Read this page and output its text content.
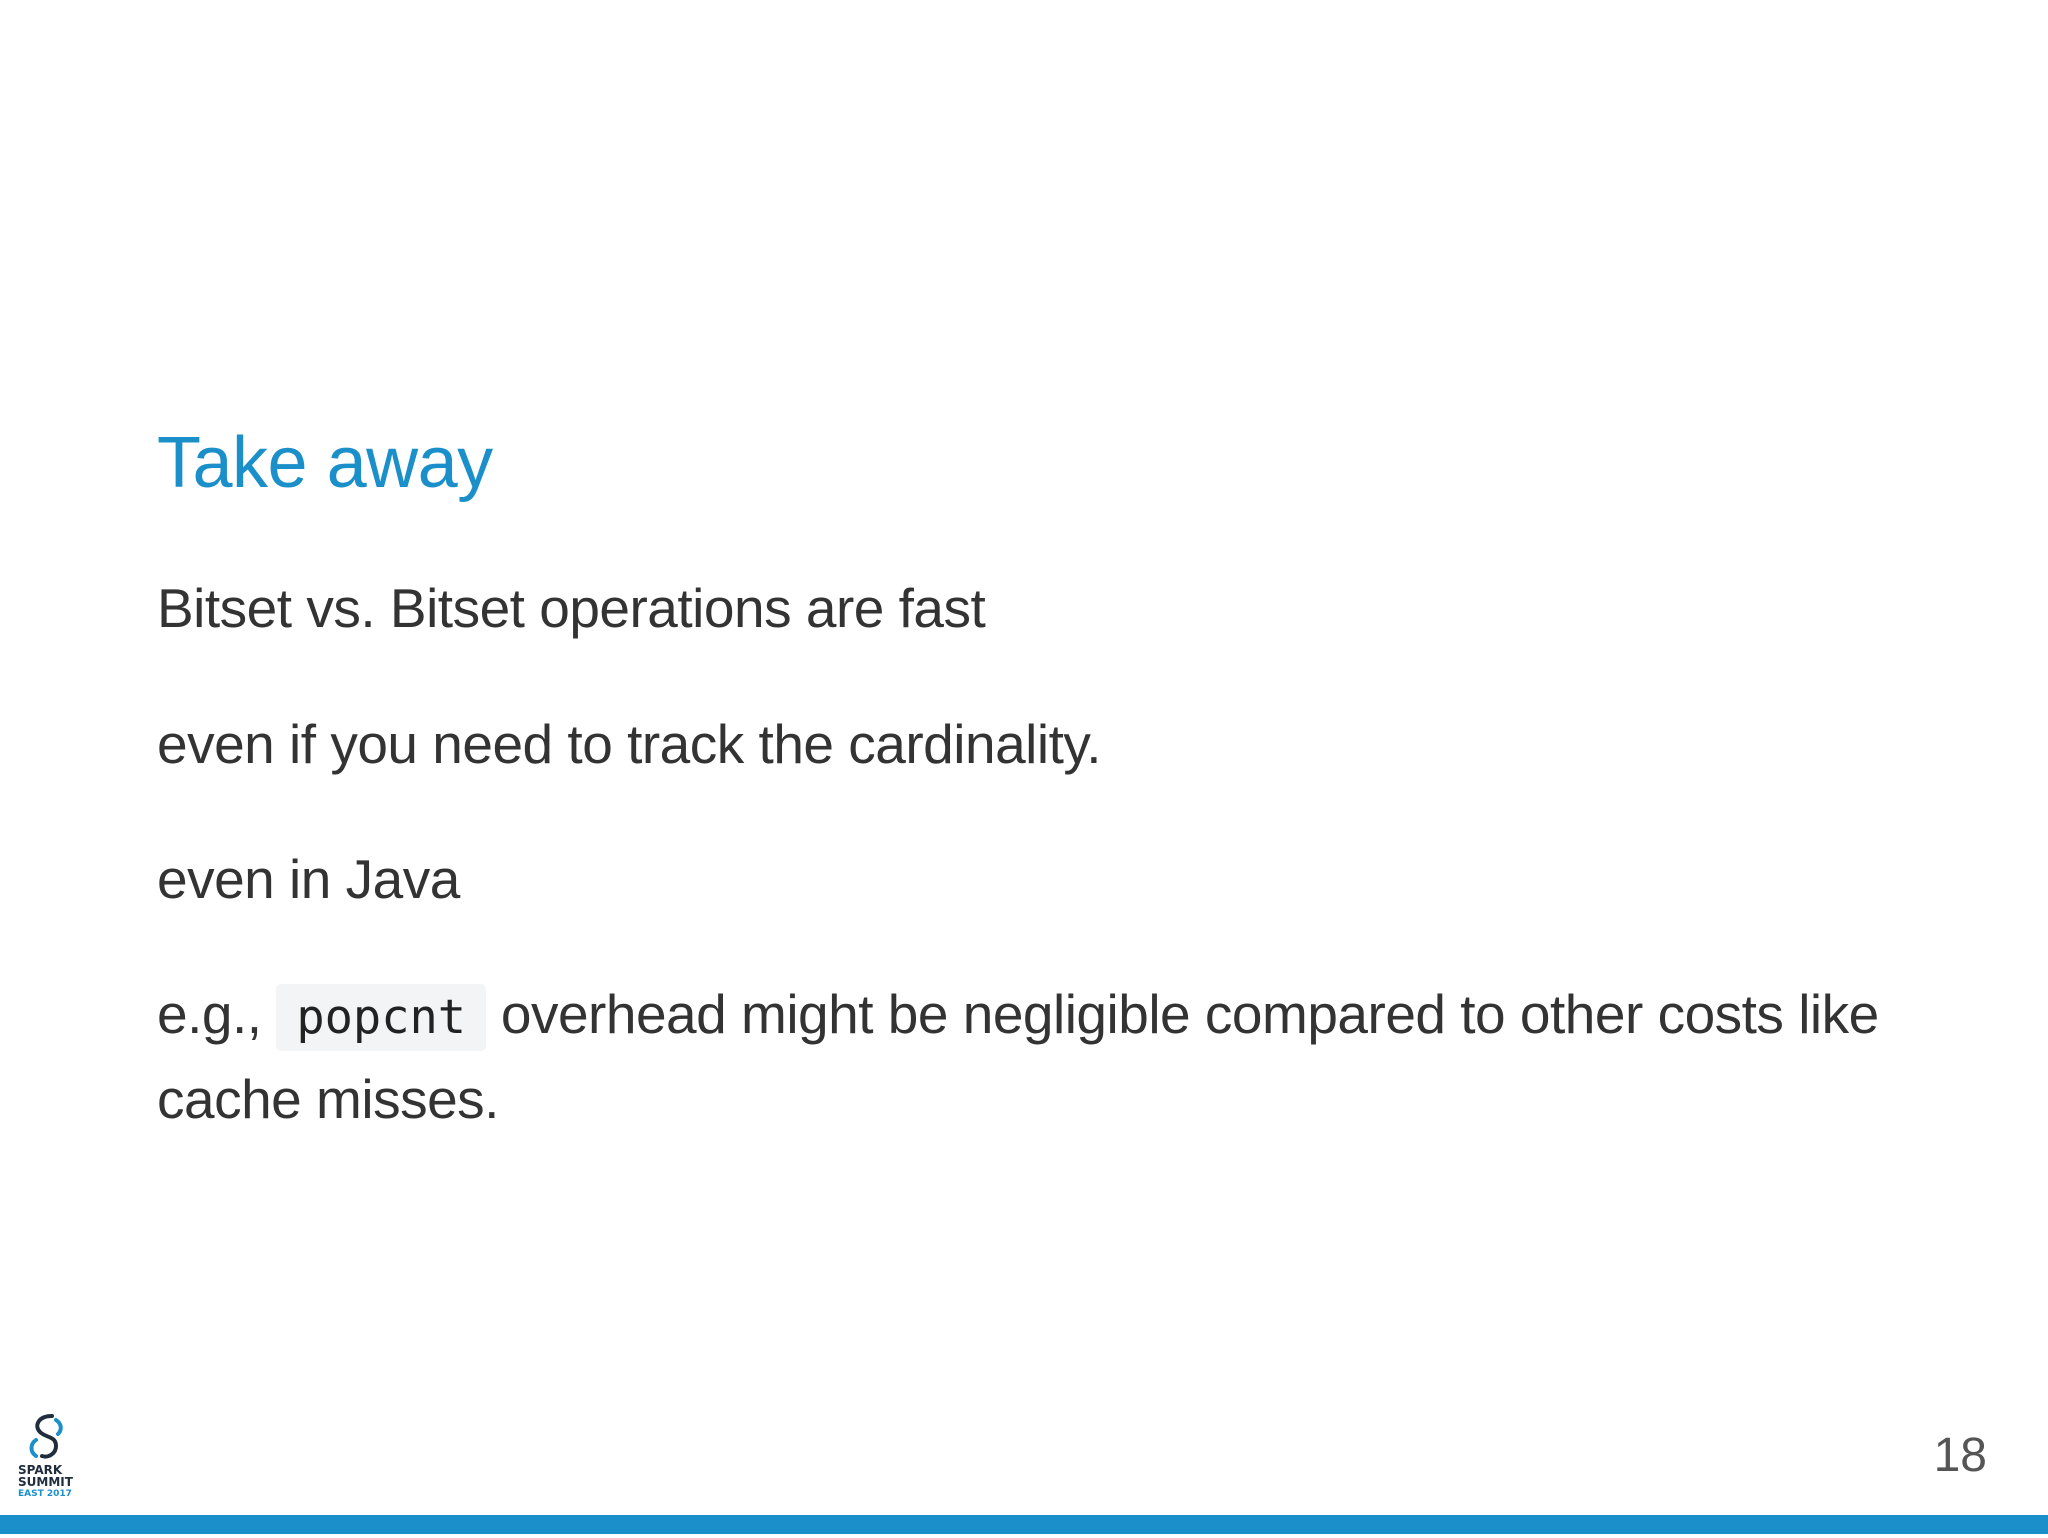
Take away

Bitset vs. Bitset operations are fast

even if you need to track the cardinality.

even in Java

e.g., popcnt overhead might be negligible compared to other costs like cache misses.

SPARK
SUMMIT
EAST 2017
18
